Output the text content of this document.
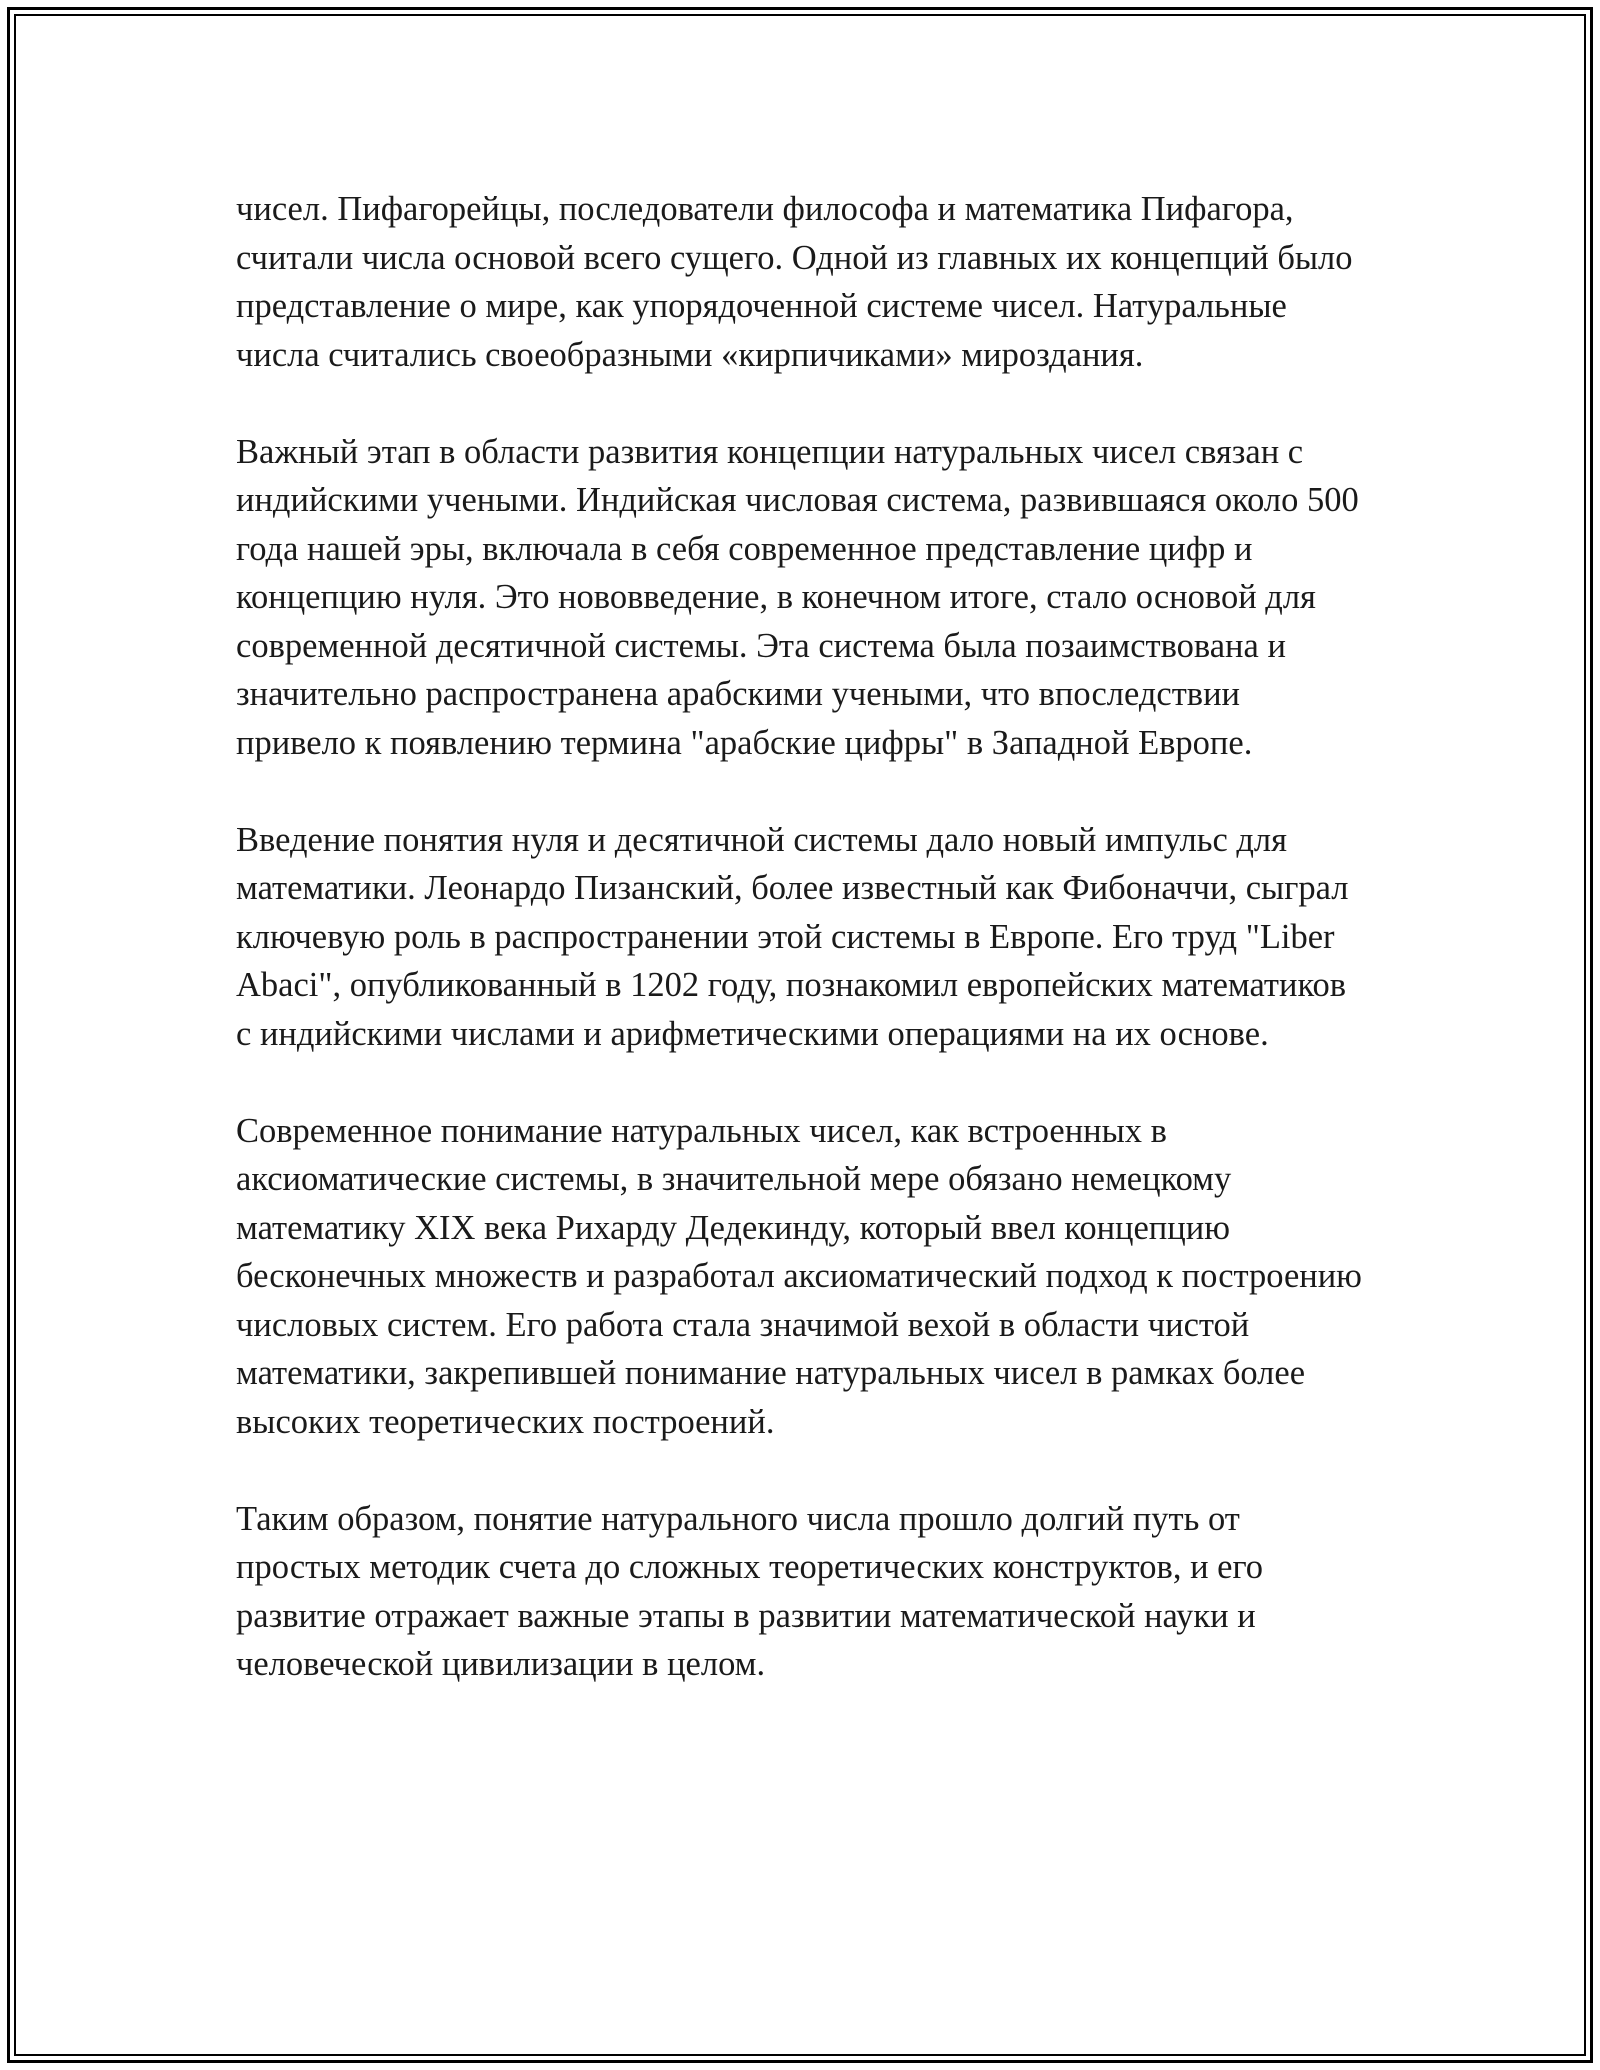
чисел. Пифагорейцы, последователи философа и математика Пифагора, считали числа основой всего сущего. Одной из главных их концепций было представление о мире, как упорядоченной системе чисел. Натуральные числа считались своеобразными «кирпичиками» мироздания.

Важный этап в области развития концепции натуральных чисел связан с индийскими учеными. Индийская числовая система, развившаяся около 500 года нашей эры, включала в себя современное представление цифр и концепцию нуля. Это нововведение, в конечном итоге, стало основой для современной десятичной системы. Эта система была позаимствована и значительно распространена арабскими учеными, что впоследствии привело к появлению термина "арабские цифры" в Западной Европе.

Введение понятия нуля и десятичной системы дало новый импульс для математики. Леонардо Пизанский, более известный как Фибоначчи, сыграл ключевую роль в распространении этой системы в Европе. Его труд "Liber Abaci", опубликованный в 1202 году, познакомил европейских математиков с индийскими числами и арифметическими операциями на их основе.

Современное понимание натуральных чисел, как встроенных в аксиоматические системы, в значительной мере обязано немецкому математику XIX века Рихарду Дедекинду, который ввел концепцию бесконечных множеств и разработал аксиоматический подход к построению числовых систем. Его работа стала значимой вехой в области чистой математики, закрепившей понимание натуральных чисел в рамках более высоких теоретических построений.

Таким образом, понятие натурального числа прошло долгий путь от простых методик счета до сложных теоретических конструктов, и его развитие отражает важные этапы в развитии математической науки и человеческой цивилизации в целом.
